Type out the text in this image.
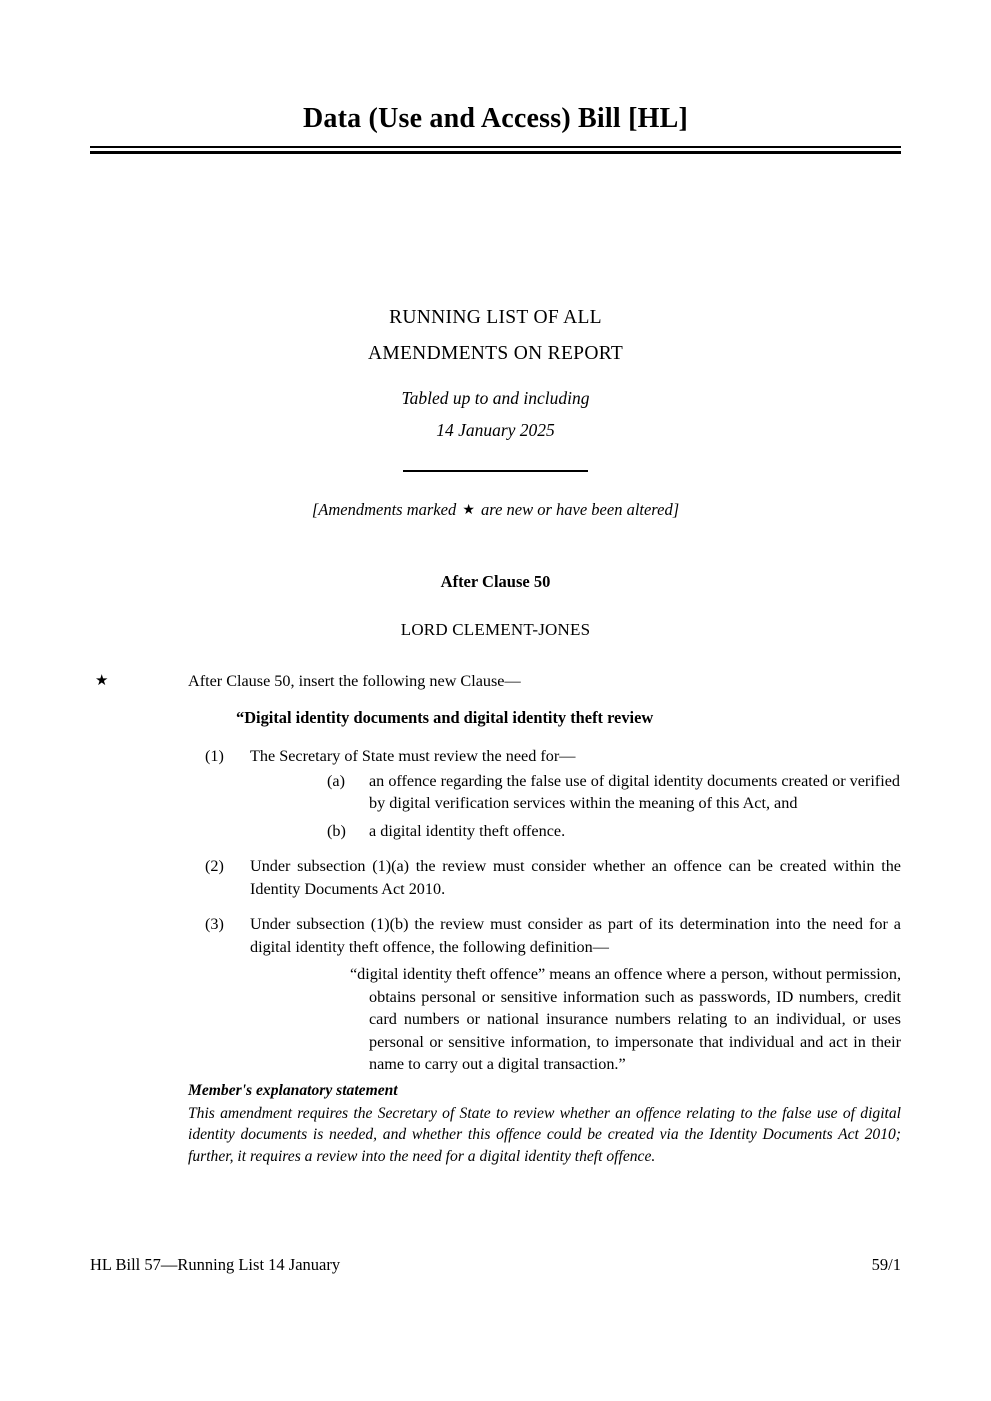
Data (Use and Access) Bill [HL]
RUNNING LIST OF ALL
AMENDMENTS ON REPORT
Tabled up to and including
14 January 2025
[Amendments marked ★ are new or have been altered]
After Clause 50
LORD CLEMENT-JONES
★	After Clause 50, insert the following new Clause—
“Digital identity documents and digital identity theft review
(1) The Secretary of State must review the need for—
(a) an offence regarding the false use of digital identity documents created or verified by digital verification services within the meaning of this Act, and
(b) a digital identity theft offence.
(2) Under subsection (1)(a) the review must consider whether an offence can be created within the Identity Documents Act 2010.
(3) Under subsection (1)(b) the review must consider as part of its determination into the need for a digital identity theft offence, the following definition—
“digital identity theft offence” means an offence where a person, without permission, obtains personal or sensitive information such as passwords, ID numbers, credit card numbers or national insurance numbers relating to an individual, or uses personal or sensitive information, to impersonate that individual and act in their name to carry out a digital transaction.”
Member's explanatory statement
This amendment requires the Secretary of State to review whether an offence relating to the false use of digital identity documents is needed, and whether this offence could be created via the Identity Documents Act 2010; further, it requires a review into the need for a digital identity theft offence.
HL Bill 57—Running List 14 January	59/1
